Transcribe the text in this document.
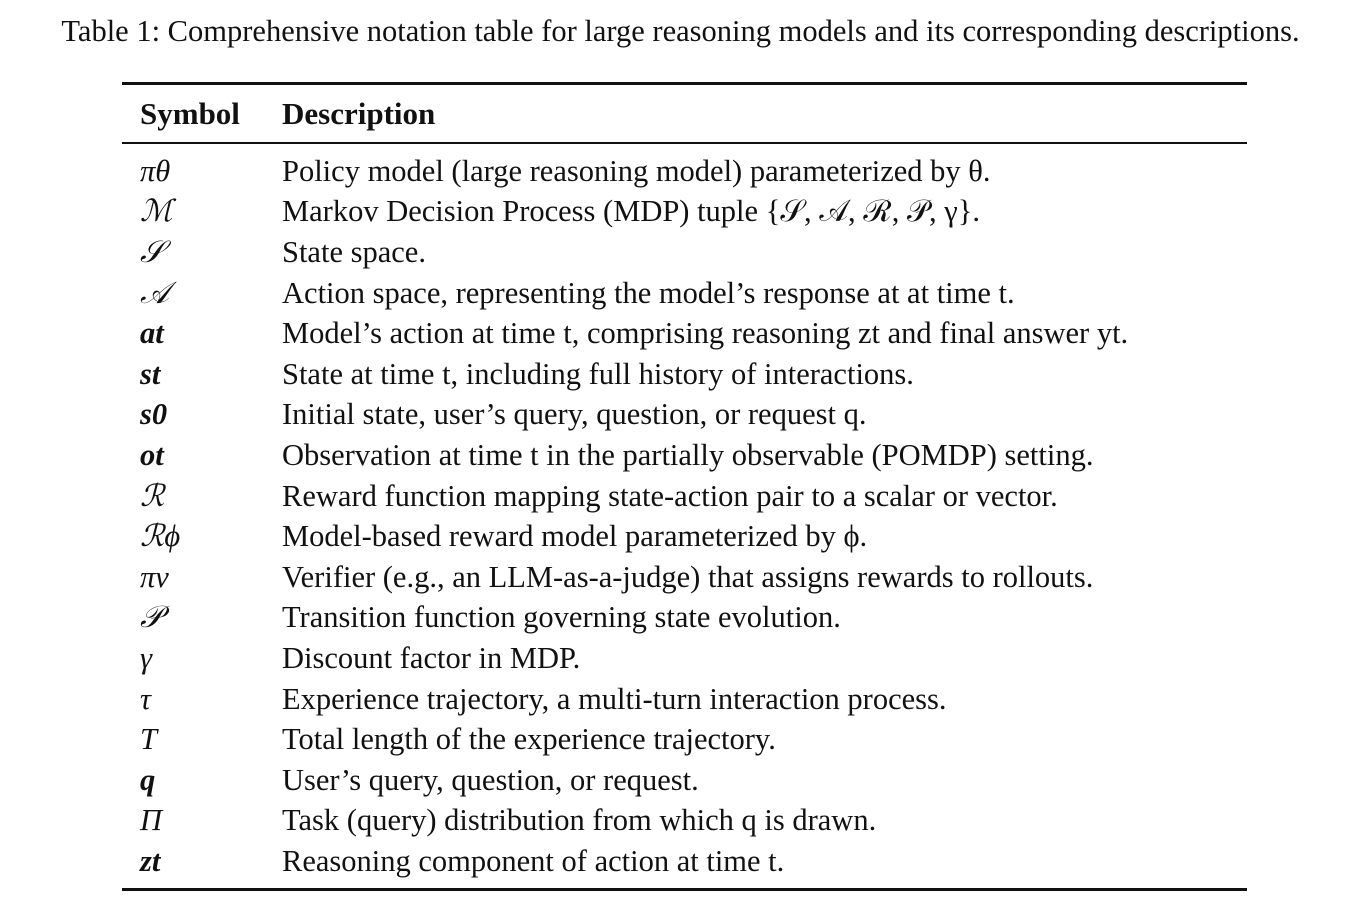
Table 1: Comprehensive notation table for large reasoning models and its corresponding descriptions.
Symbol	Description
πθ	Policy model (large reasoning model) parameterized by θ.
ℳ	Markov Decision Process (MDP) tuple {𝒮, 𝒜, ℛ, 𝒫, γ}.
𝒮	State space.
𝒜	Action space, representing the model’s response at at time t.
at	Model’s action at time t, comprising reasoning zt and final answer yt.
st	State at time t, including full history of interactions.
s0	Initial state, user’s query, question, or request q.
ot	Observation at time t in the partially observable (POMDP) setting.
ℛ	Reward function mapping state-action pair to a scalar or vector.
ℛϕ	Model-based reward model parameterized by ϕ.
πv	Verifier (e.g., an LLM-as-a-judge) that assigns rewards to rollouts.
𝒫	Transition function governing state evolution.
γ	Discount factor in MDP.
τ	Experience trajectory, a multi-turn interaction process.
T	Total length of the experience trajectory.
q	User’s query, question, or request.
Π	Task (query) distribution from which q is drawn.
zt	Reasoning component of action at time t.
